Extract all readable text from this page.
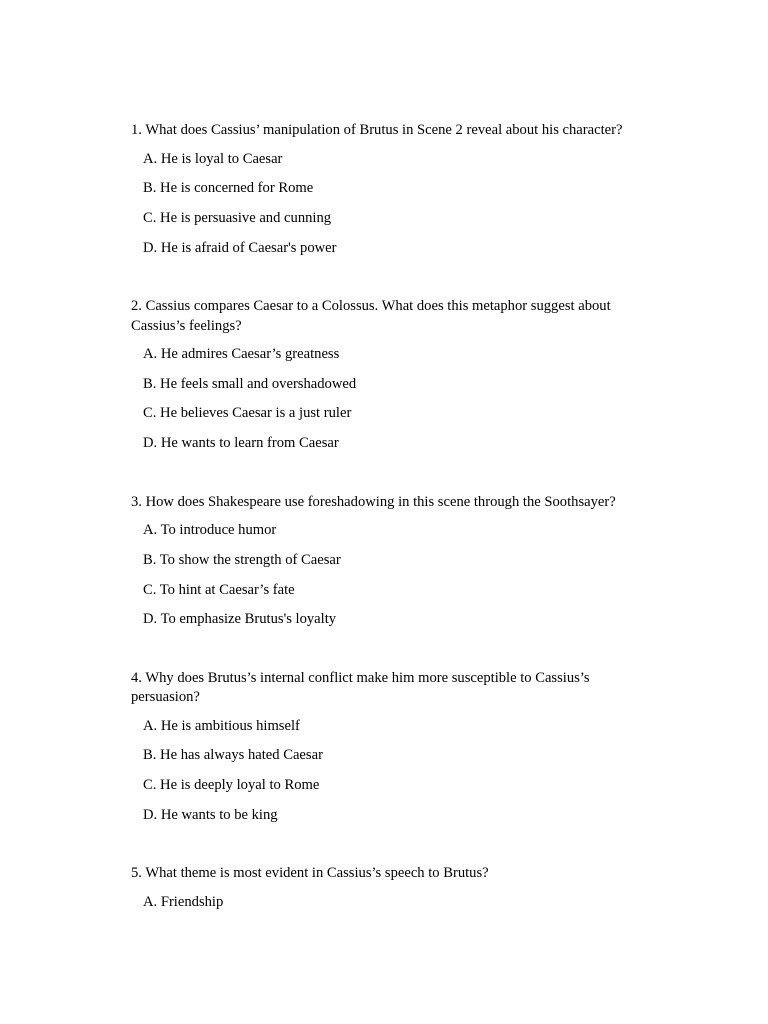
1. What does Cassius’ manipulation of Brutus in Scene 2 reveal about his character?

A. He is loyal to Caesar
B. He is concerned for Rome
C. He is persuasive and cunning
D. He is afraid of Caesar's power

2. Cassius compares Caesar to a Colossus. What does this metaphor suggest about Cassius’s feelings?

A. He admires Caesar’s greatness
B. He feels small and overshadowed
C. He believes Caesar is a just ruler
D. He wants to learn from Caesar

3. How does Shakespeare use foreshadowing in this scene through the Soothsayer?

A. To introduce humor
B. To show the strength of Caesar
C. To hint at Caesar’s fate
D. To emphasize Brutus's loyalty

4. Why does Brutus’s internal conflict make him more susceptible to Cassius’s persuasion?

A. He is ambitious himself
B. He has always hated Caesar
C. He is deeply loyal to Rome
D. He wants to be king

5. What theme is most evident in Cassius’s speech to Brutus?

A. Friendship
